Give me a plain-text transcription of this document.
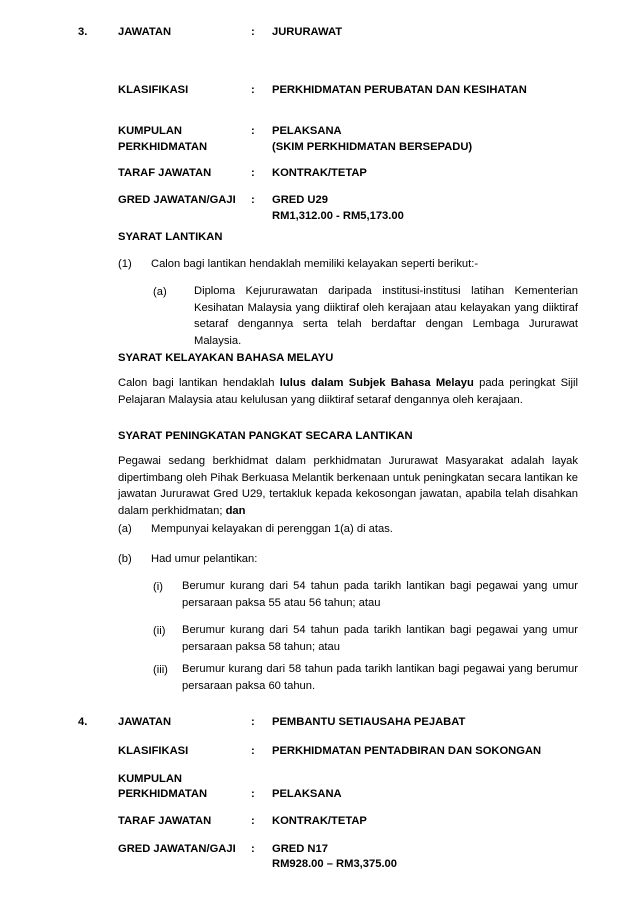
3.	JAWATAN	: JURURAWAT
KLASIFIKASI	: PERKHIDMATAN PERUBATAN DAN KESIHATAN
KUMPULAN
PERKHIDMATAN
: PELAKSANA
(SKIM PERKHIDMATAN BERSEPADU)
TARAF JAWATAN	: KONTRAK/TETAP
GRED JAWATAN/GAJI : GRED U29
RM1,312.00 - RM5,173.00
SYARAT LANTIKAN
(1) Calon bagi lantikan hendaklah memiliki kelayakan seperti berikut:-
(a) Diploma Kejururawatan daripada institusi-institusi latihan Kementerian Kesihatan Malaysia yang diiktiraf oleh kerajaan atau kelayakan yang diiktiraf setaraf dengannya serta telah berdaftar dengan Lembaga Jururawat Malaysia.
SYARAT KELAYAKAN BAHASA MELAYU
Calon bagi lantikan hendaklah lulus dalam Subjek Bahasa Melayu pada peringkat Sijil Pelajaran Malaysia atau kelulusan yang diiktiraf setaraf dengannya oleh kerajaan.
SYARAT PENINGKATAN PANGKAT SECARA LANTIKAN
Pegawai sedang berkhidmat dalam perkhidmatan Jururawat Masyarakat adalah layak dipertimbang oleh Pihak Berkuasa Melantik berkenaan untuk peningkatan secara lantikan ke jawatan Jururawat Gred U29, tertakluk kepada kekosongan jawatan, apabila telah disahkan dalam perkhidmatan; dan
(a) Mempunyai kelayakan di perenggan 1(a) di atas.
(b) Had umur pelantikan:
(i) Berumur kurang dari 54 tahun pada tarikh lantikan bagi pegawai yang umur persaraan paksa 55 atau 56 tahun; atau
(ii) Berumur kurang dari 54 tahun pada tarikh lantikan bagi pegawai yang umur persaraan paksa 58 tahun; atau
(iii) Berumur kurang dari 58 tahun pada tarikh lantikan bagi pegawai yang berumur persaraan paksa 60 tahun.
4.	JAWATAN	: PEMBANTU SETIAUSAHA PEJABAT
KLASIFIKASI	: PERKHIDMATAN PENTADBIRAN DAN SOKONGAN
KUMPULAN
PERKHIDMATAN	: PELAKSANA
TARAF JAWATAN	: KONTRAK/TETAP
GRED JAWATAN/GAJI : GRED N17
RM928.00 – RM3,375.00
